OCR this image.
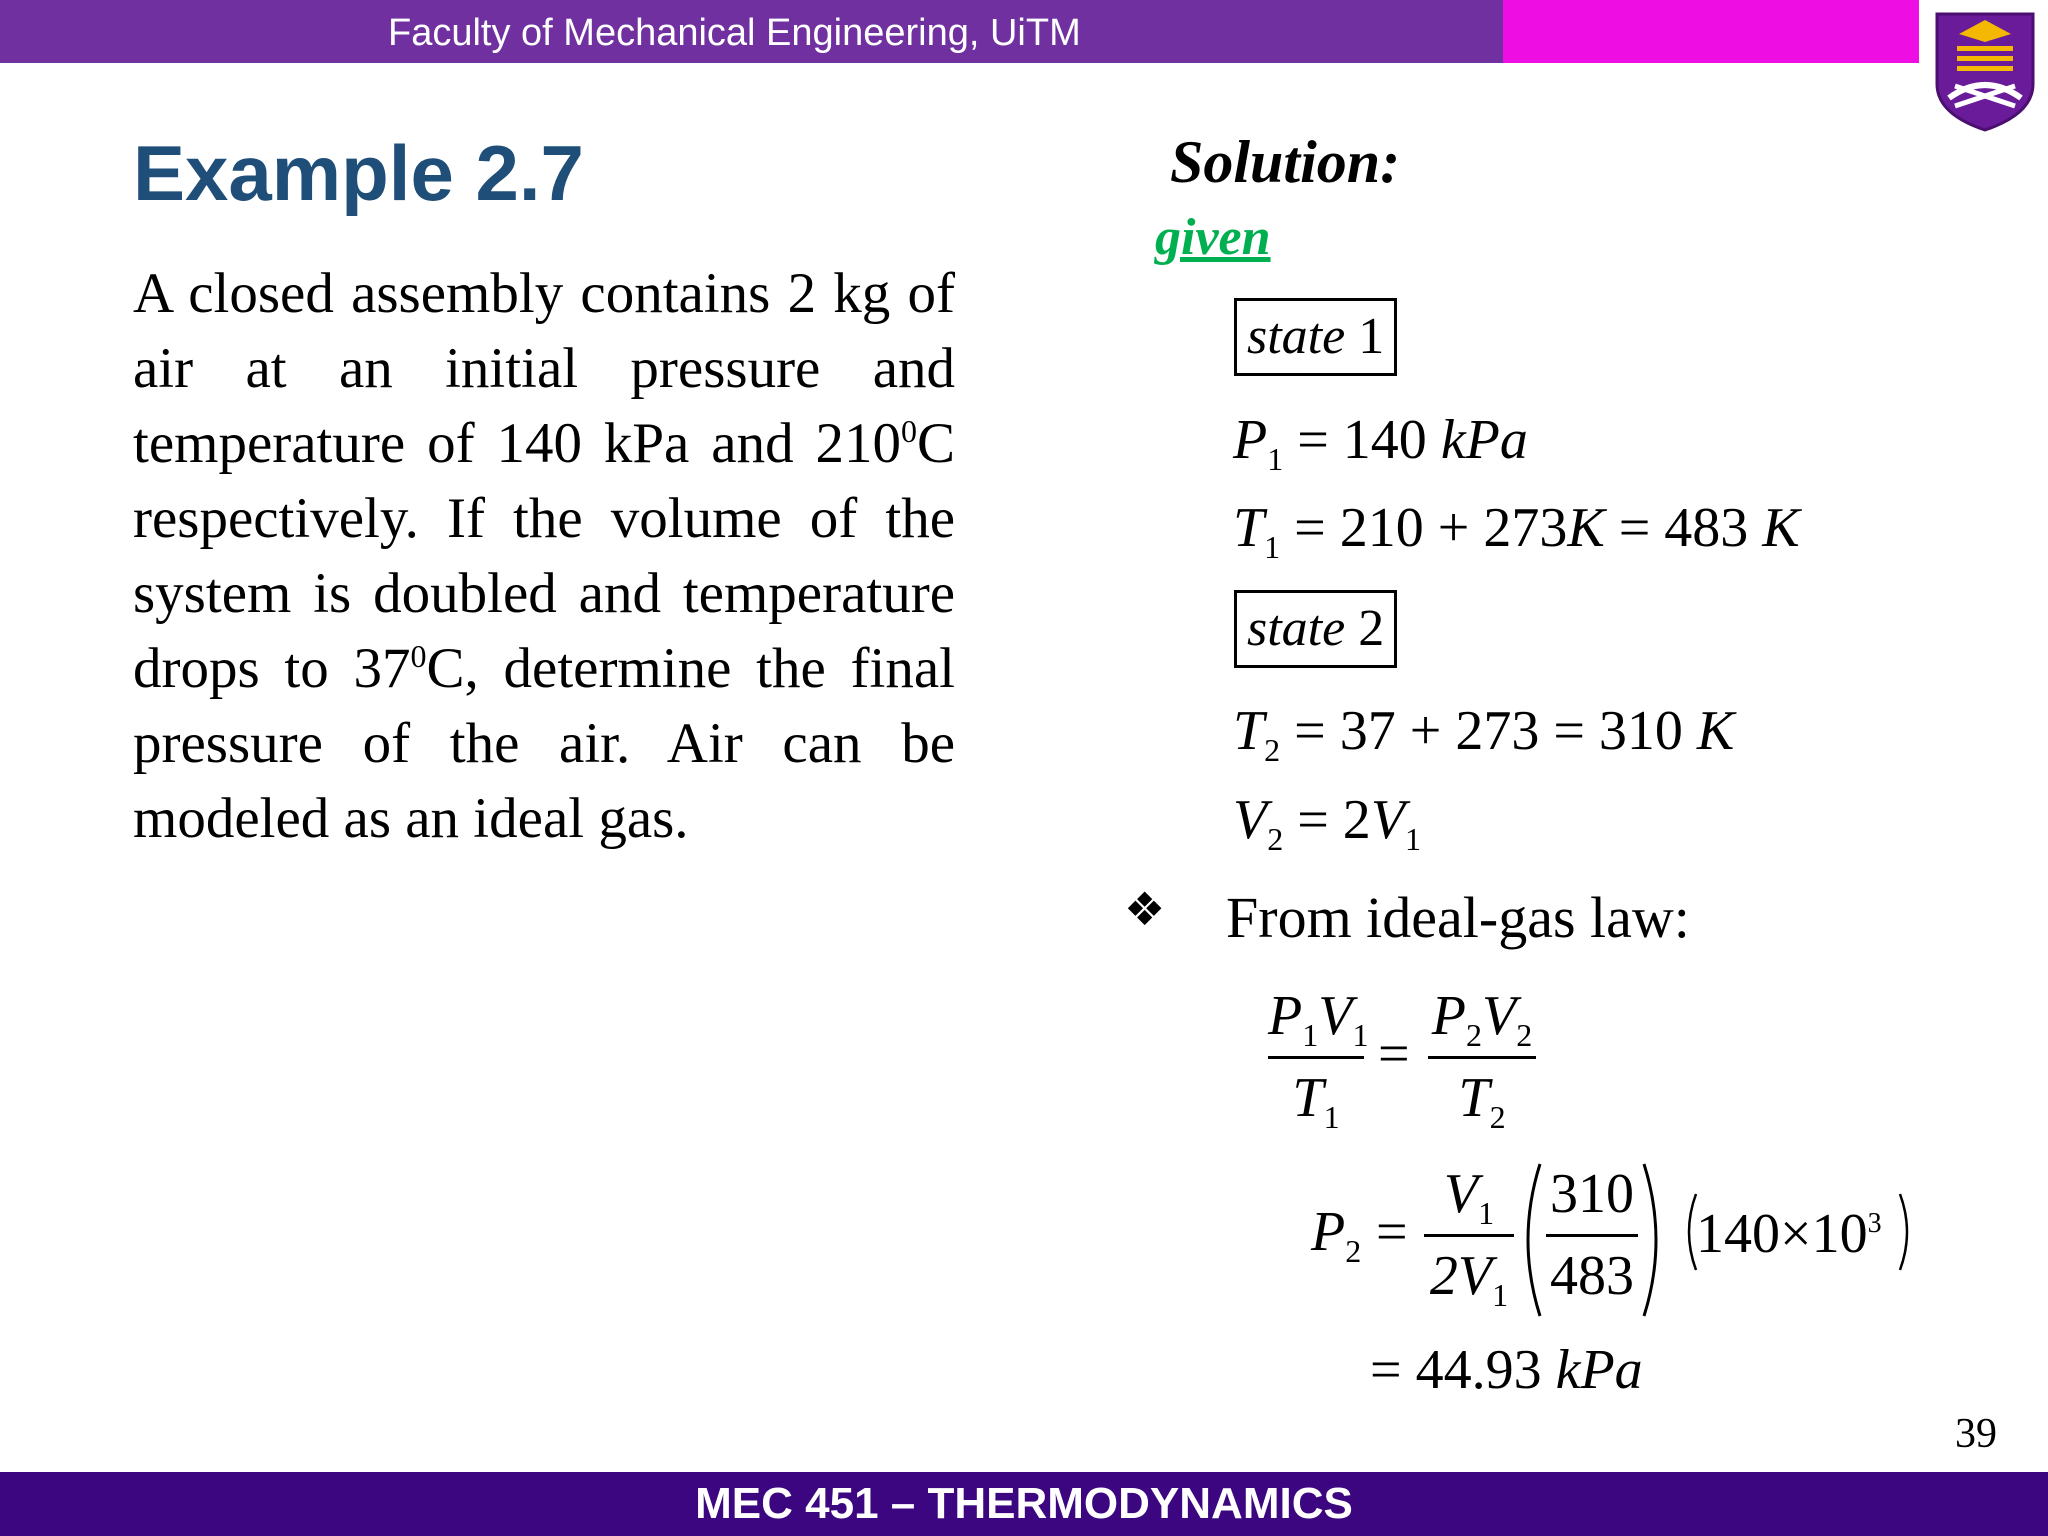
Faculty of Mechanical Engineering, UiTM
Example 2.7
A closed assembly contains 2 kg of air at an initial pressure and temperature of 140 kPa and $210^0C$ respectively. If the volume of the system is doubled and temperature drops to $37^0C$, determine the final pressure of the air. Air can be modeled as an ideal gas.
Solution:
given
state 1
$P_1 = 140$ kPa
$T_1 = 210 + 273K = 483$ K
state 2
$T_2 = 37 + 273 = 310$ K
$V_2 = 2V_1$
❖ From ideal-gas law:
$P_1V_1$
$T_1$
=
$P_2V_2$
$T_2$
$P_2$ =
$V_1$
$2V_1$
310
483
$140\times 10^3$
= 44.93 kPa
39
MEC 451 – THERMODYNAMICS
